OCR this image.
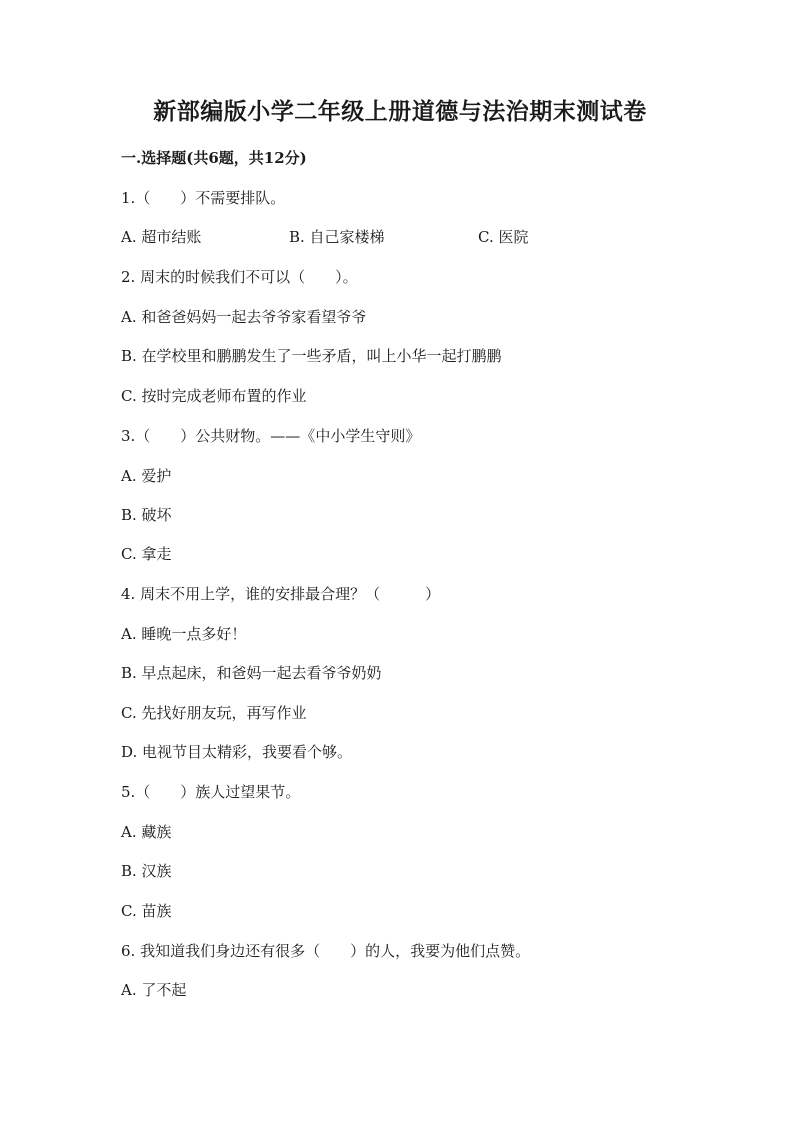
新部编版小学二年级上册道德与法治期末测试卷

一.选择题(共6题，共12分)

1.（　　）不需要排队。

A. 超市结账	B. 自己家楼梯	C. 医院

2. 周末的时候我们不可以（　　）。

A. 和爸爸妈妈一起去爷爷家看望爷爷

B. 在学校里和鹏鹏发生了一些矛盾，叫上小华一起打鹏鹏

C. 按时完成老师布置的作业

3.（　　）公共财物。——《中小学生守则》

A. 爱护

B. 破坏

C. 拿走

4. 周末不用上学，谁的安排最合理？（　　　）

A. 睡晚一点多好！

B. 早点起床，和爸妈一起去看爷爷奶奶

C. 先找好朋友玩，再写作业

D. 电视节目太精彩，我要看个够。

5.（　　）族人过望果节。

A. 藏族

B. 汉族

C. 苗族

6. 我知道我们身边还有很多（　　）的人，我要为他们点赞。

A. 了不起
